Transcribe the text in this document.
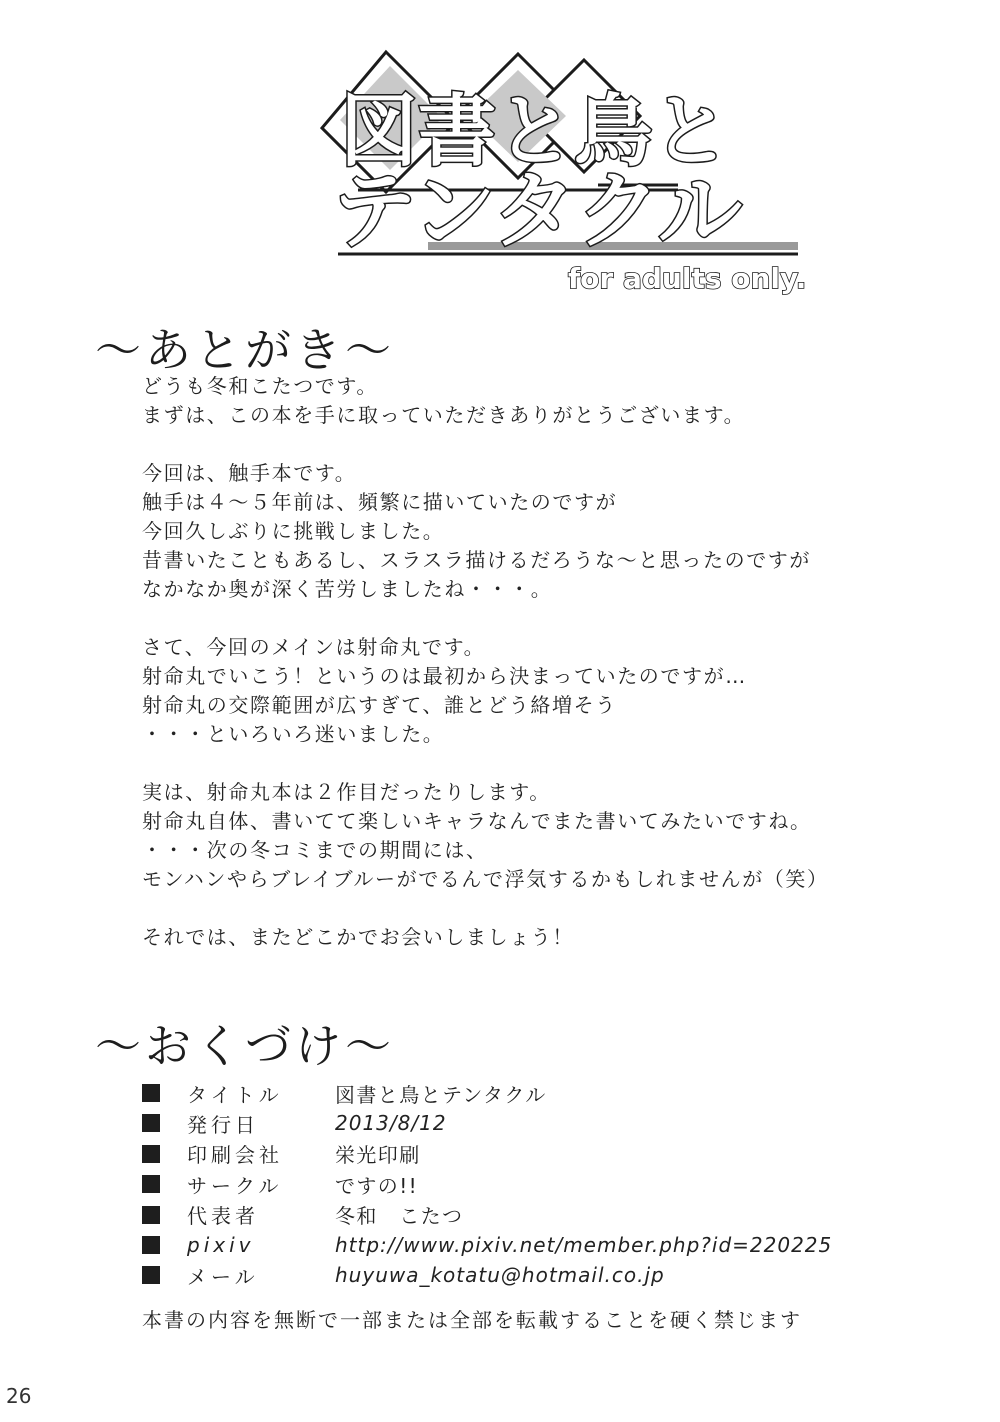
図書と鳥と
テンタクル
for adults only.
～あとがき～

どうも冬和こたつです。
まずは、この本を手に取っていただきありがとうございます。

今回は、触手本です。
触手は４～５年前は、頻繁に描いていたのですが
今回久しぶりに挑戦しました。
昔書いたこともあるし、スラスラ描けるだろうな～と思ったのですが
なかなか奥が深く苦労しましたね・・・。

さて、今回のメインは射命丸です。
射命丸でいこう！というのは最初から決まっていたのですが…
射命丸の交際範囲が広すぎて、誰とどう絡増そう
・・・といろいろ迷いました。

実は、射命丸本は２作目だったりします。
射命丸自体、書いてて楽しいキャラなんでまた書いてみたいですね。
・・・次の冬コミまでの期間には、
モンハンやらブレイブルーがでるんで浮気するかもしれませんが（笑）

それでは、またどこかでお会いしましょう！

～おくづけ～
タイトル	図書と鳥とテンタクル
発行日	2013/8/12
印刷会社	栄光印刷
サークル	ですの!!
代表者	冬和　こたつ
pixiv	http://www.pixiv.net/member.php?id=220225
メール	huyuwa_kotatu@hotmail.co.jp
本書の内容を無断で一部または全部を転載することを硬く禁じます
26
